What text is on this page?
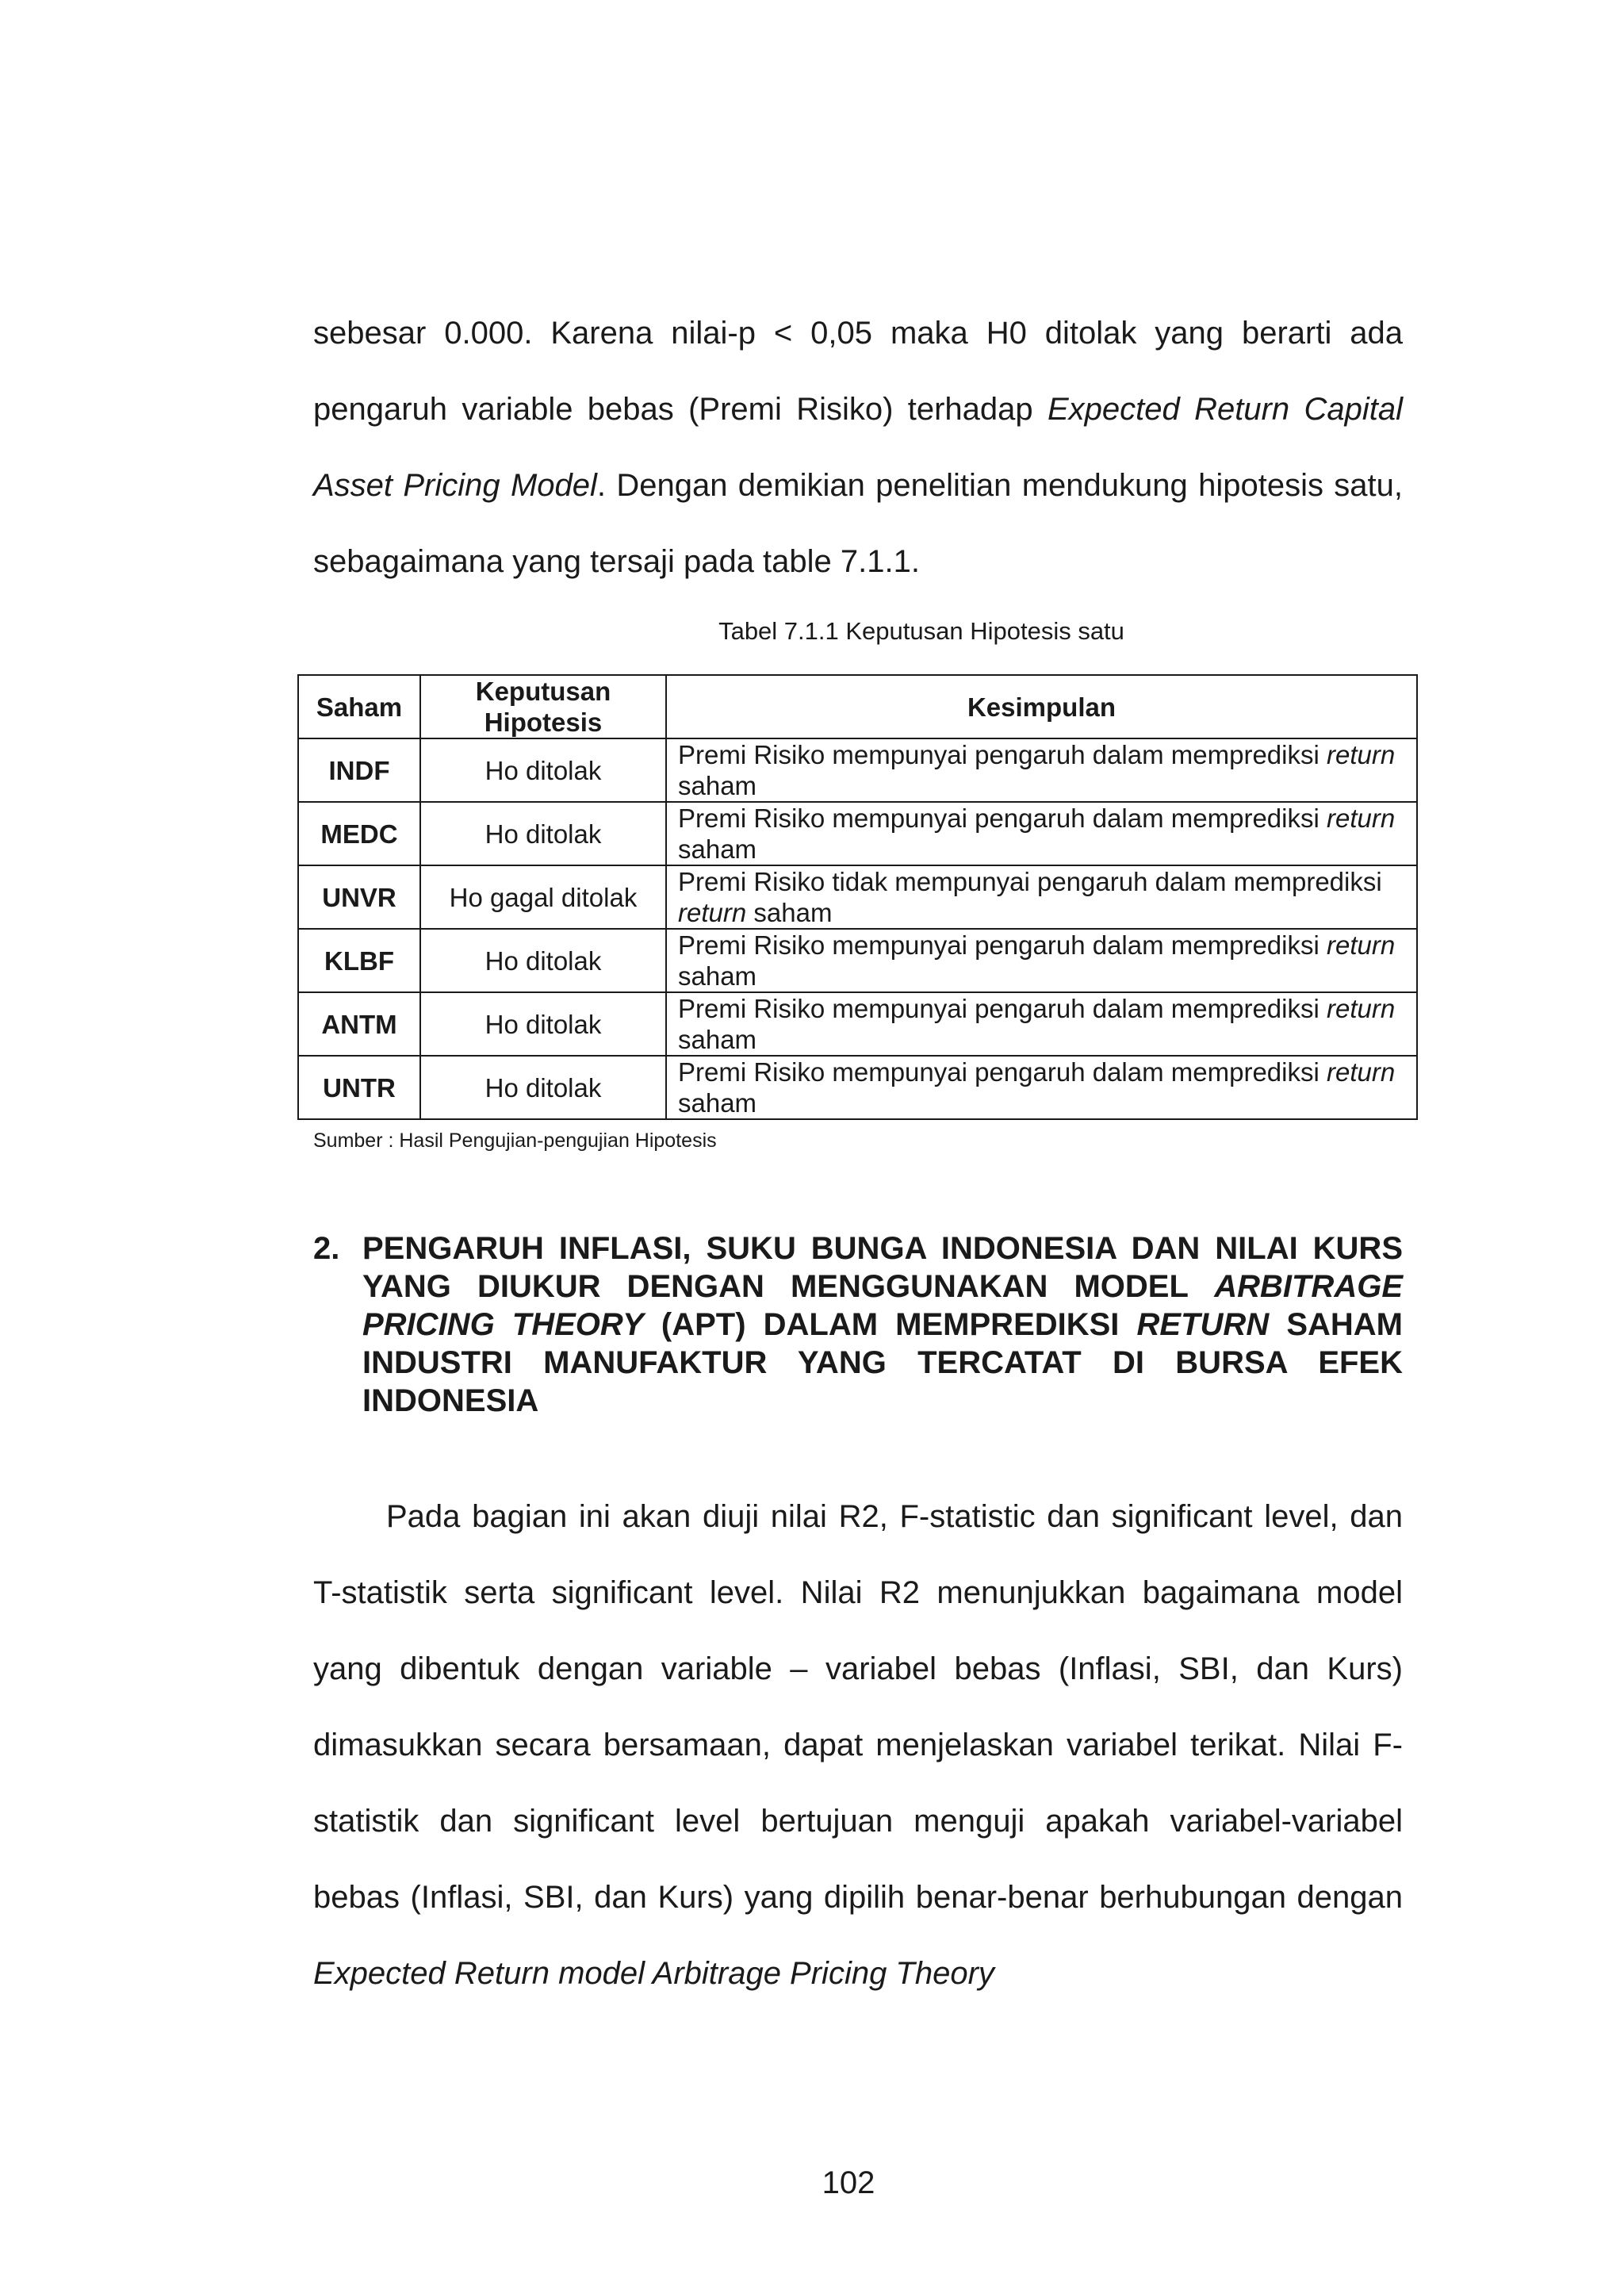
sebesar 0.000. Karena nilai-p < 0,05 maka H0 ditolak yang berarti ada pengaruh variable bebas (Premi Risiko) terhadap Expected Return Capital Asset Pricing Model. Dengan demikian penelitian mendukung hipotesis satu, sebagaimana yang tersaji pada table 7.1.1.

Tabel 7.1.1 Keputusan Hipotesis satu
Saham	Keputusan Hipotesis	Kesimpulan
INDF	Ho ditolak	Premi Risiko mempunyai pengaruh dalam memprediksi return saham
MEDC	Ho ditolak	Premi Risiko mempunyai pengaruh dalam memprediksi return saham
UNVR	Ho gagal ditolak	Premi Risiko tidak mempunyai pengaruh dalam memprediksi return saham
KLBF	Ho ditolak	Premi Risiko mempunyai pengaruh dalam memprediksi return saham
ANTM	Ho ditolak	Premi Risiko mempunyai pengaruh dalam memprediksi return saham
UNTR	Ho ditolak	Premi Risiko mempunyai pengaruh dalam memprediksi return saham
Sumber : Hasil Pengujian-pengujian Hipotesis
2. PENGARUH INFLASI, SUKU BUNGA INDONESIA DAN NILAI KURS YANG DIUKUR DENGAN MENGGUNAKAN MODEL ARBITRAGE PRICING THEORY (APT) DALAM MEMPREDIKSI RETURN SAHAM INDUSTRI MANUFAKTUR YANG TERCATAT DI BURSA EFEK INDONESIA

Pada bagian ini akan diuji nilai R2, F-statistic dan significant level, dan T-statistik serta significant level. Nilai R2 menunjukkan bagaimana model yang dibentuk dengan variable – variabel bebas (Inflasi, SBI, dan Kurs) dimasukkan secara bersamaan, dapat menjelaskan variabel terikat. Nilai F-statistik dan significant level bertujuan menguji apakah variabel-variabel bebas (Inflasi, SBI, dan Kurs) yang dipilih benar-benar berhubungan dengan Expected Return model Arbitrage Pricing Theory

102
